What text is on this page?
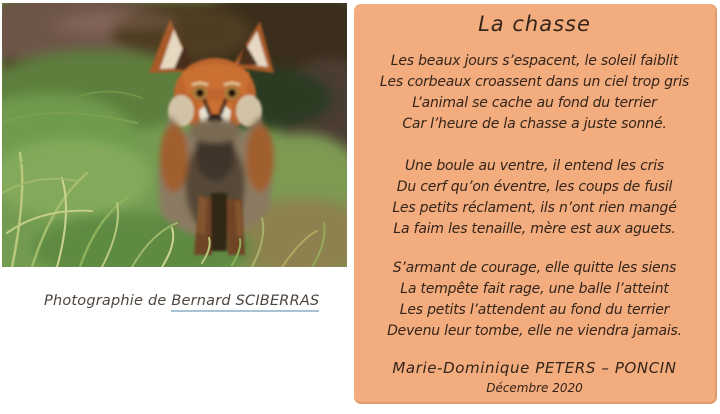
Photographie de Bernard SCIBERRAS
La chasse
Les beaux jours s’espacent, le soleil faiblit
Les corbeaux croassent dans un ciel trop gris
L’animal se cache au fond du terrier
Car l’heure de la chasse a juste sonné.
Une boule au ventre, il entend les cris
Du cerf qu’on éventre, les coups de fusil
Les petits réclament, ils n’ont rien mangé
La faim les tenaille, mère est aux aguets.
S’armant de courage, elle quitte les siens
La tempête fait rage, une balle l’atteint
Les petits l’attendent au fond du terrier
Devenu leur tombe, elle ne viendra jamais.
Marie-Dominique PETERS – PONCIN
Décembre 2020
